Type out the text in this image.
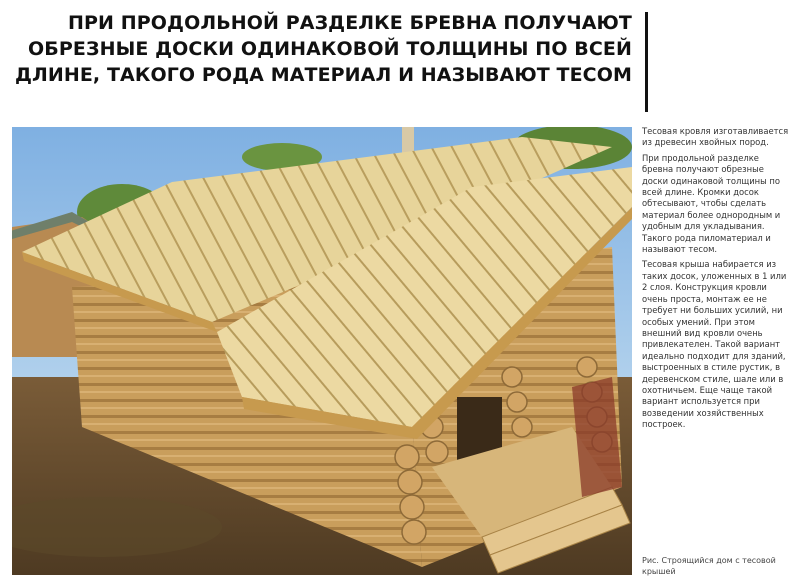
ПРИ ПРОДОЛЬНОЙ РАЗДЕЛКЕ БРЕВНА ПОЛУЧАЮТ
ОБРЕЗНЫЕ ДОСКИ ОДИНАКОВОЙ ТОЛЩИНЫ ПО ВСЕЙ
ДЛИНЕ, ТАКОГО РОДА МАТЕРИАЛ И НАЗЫВАЮТ ТЕСОМ

Тесовая кровля изготавливается из древесин хвойных пород.

При продольной разделке бревна получают обрезные доски одинаковой толщины по всей длине. Кромки досок обтесывают, чтобы сделать материал более однородным и удобным для укладывания. Такого рода пиломатериал и называют тесом.

Тесовая крыша набирается из таких досок, уложенных в 1 или 2 слоя. Конструкция кровли очень проста, монтаж ее не требует ни больших усилий, ни особых умений. При этом внешний вид кровли очень привлекателен. Такой вариант идеально подходит для зданий, выстроенных в стиле рустик, в деревенском стиле, шале или в охотничьем. Еще чаще такой вариант используется при возведении хозяйственных построек.

Рис. Строящийся дом с тесовой крышей
